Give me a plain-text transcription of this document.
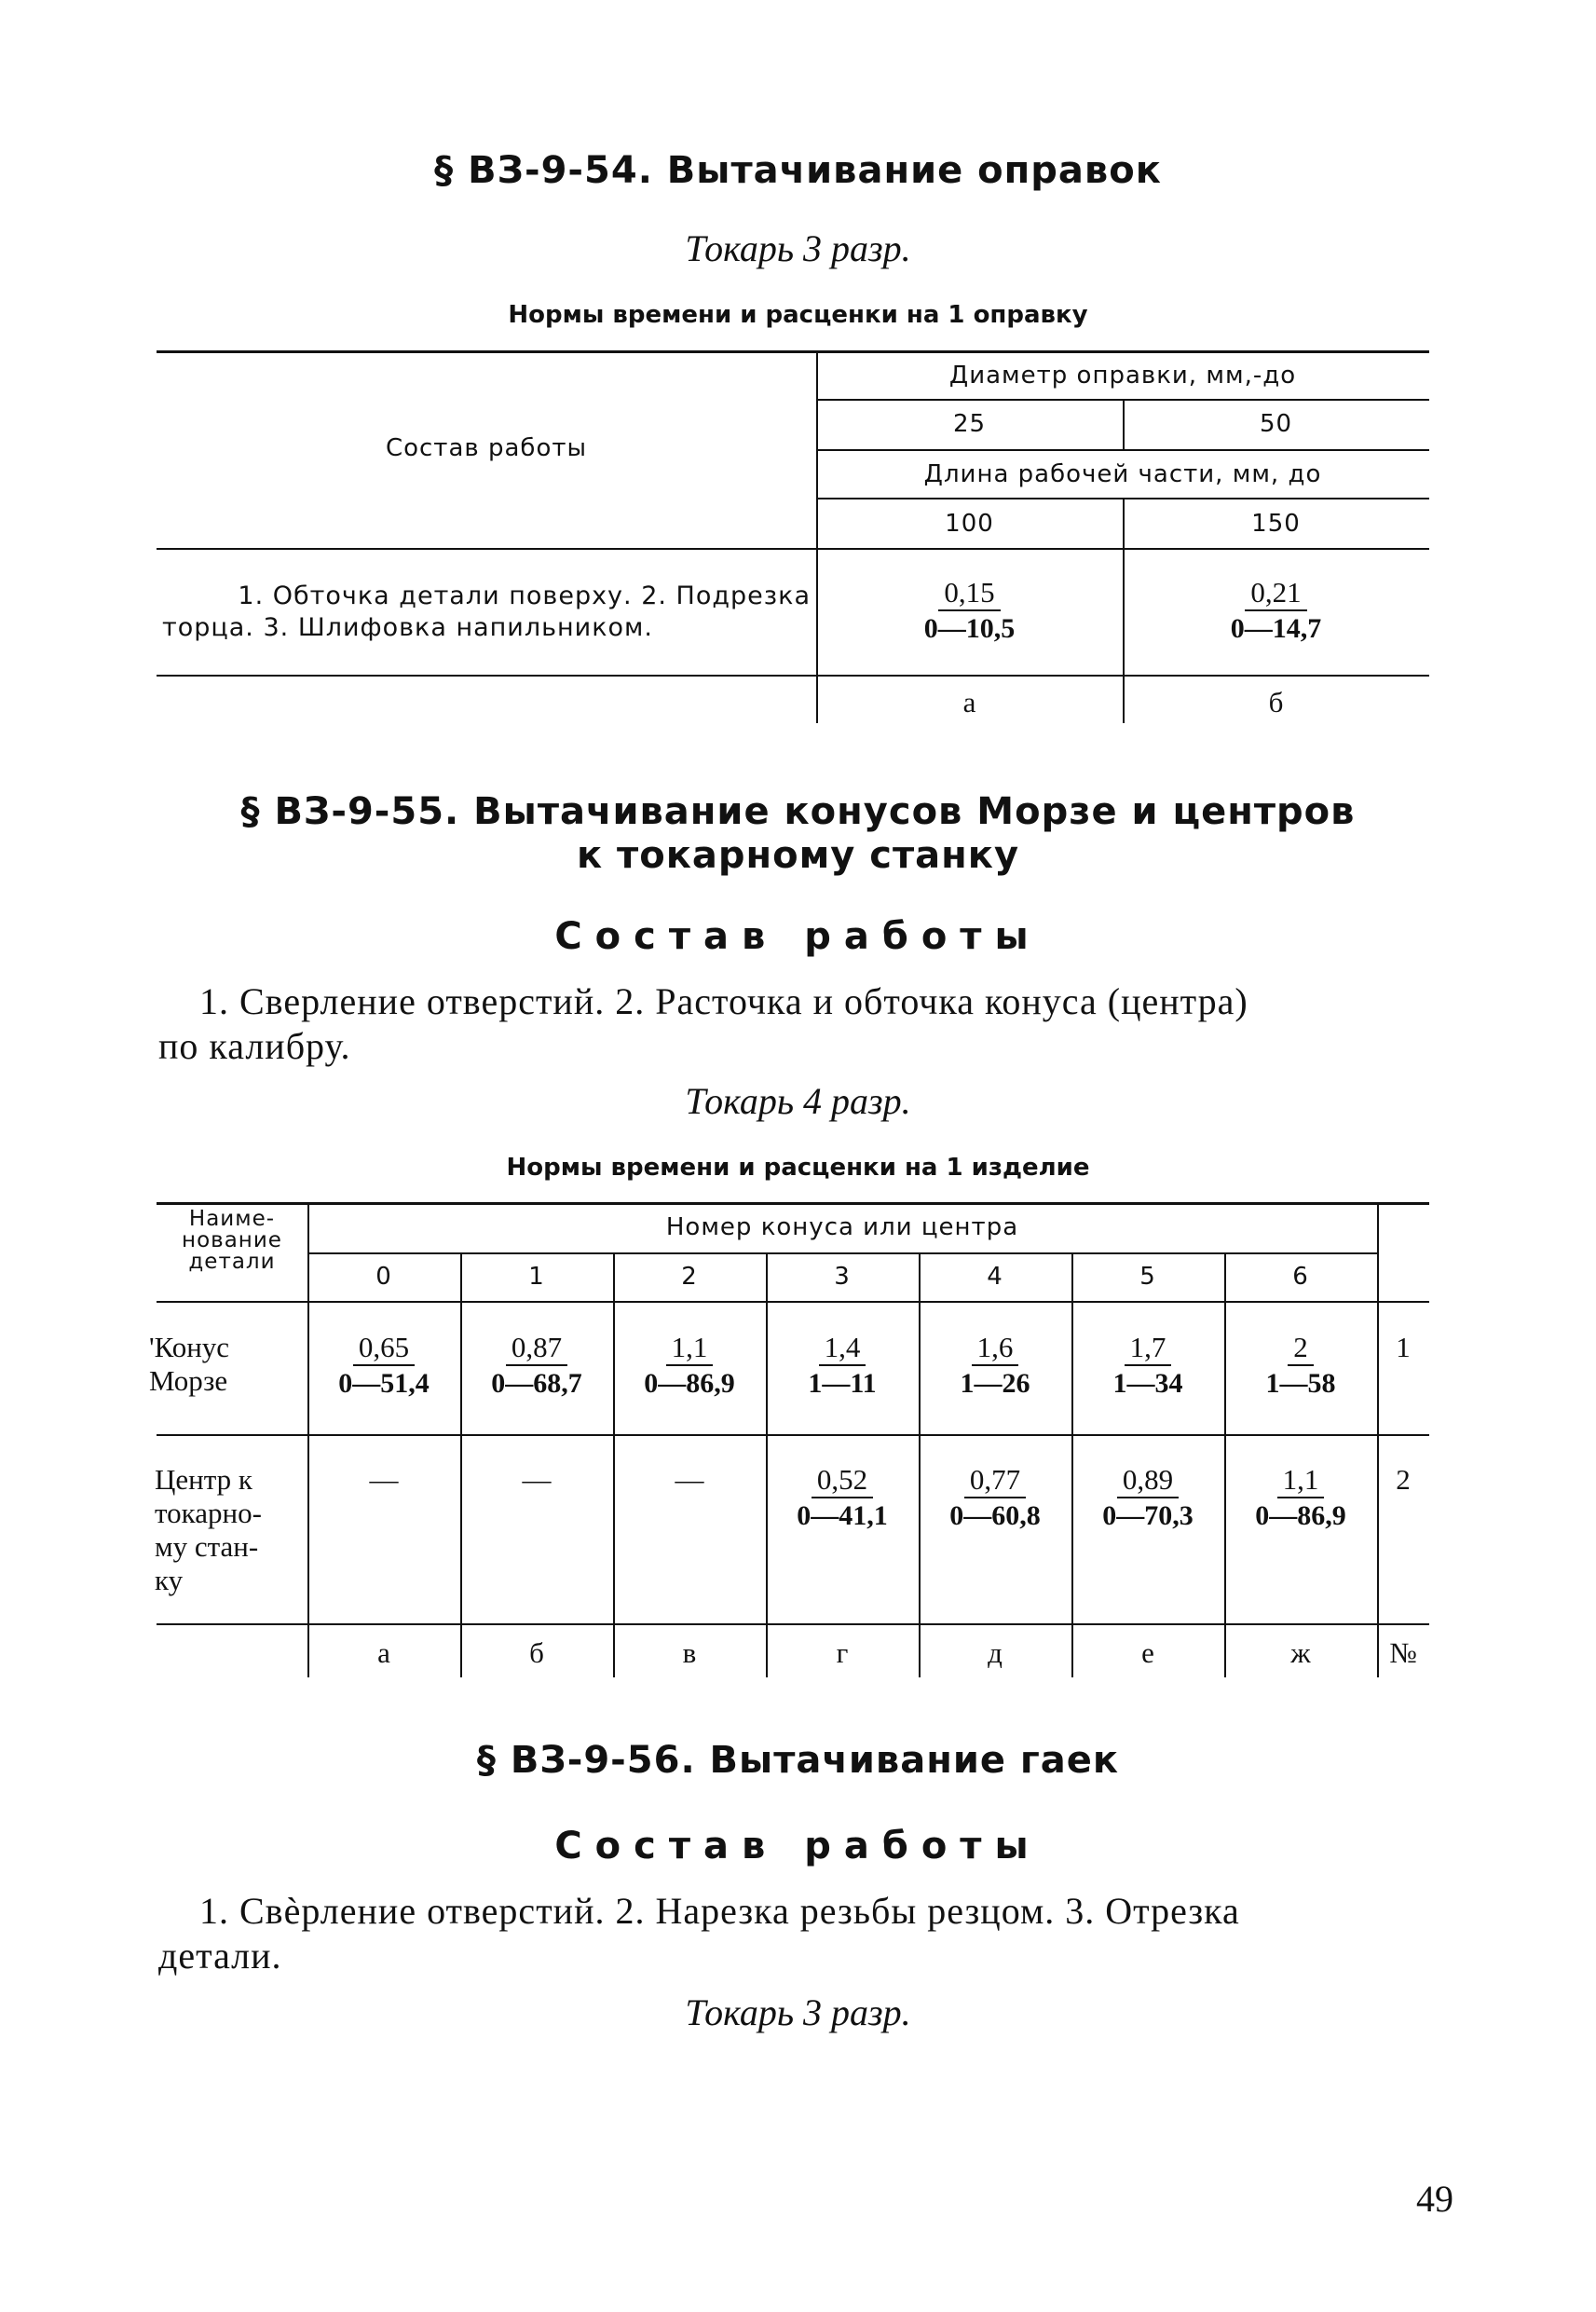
§ ВЗ-9-54. Вытачивание оправок
Токарь 3 разр.
Нормы времени и расценки на 1 оправку
Состав работы
Диаметр оправки, мм,-до
25	50
Длина рабочей части, мм, до
100	150
1. Обточка детали поверху. 2. Подрезка
торца. 3. Шлифовка напильником.	$\frac{0,15}{0—10,5} \frac{0,21}{0—14,7}$
а	б
§ ВЗ-9-55. Вытачивание конусов Морзе и центров
к токарному станку
Состав работы
1. Сверление отверстий. 2. Расточка и обточка конуса (центра)
по калибру.
Токарь 4 разр.
Нормы времени и расценки на 1 изделие
Наиме-
нование
детали
Номер конуса или центра
0	1	2	3	4	5	6
'Конус
Морзе	$\frac{0,65}{0—51,4} \frac{0,87}{0—68,7} \frac{1,1}{0—86,9} \frac{1,4}{1—11} \frac{1,6}{1—26} \frac{1,7}{1—34} \frac{2}{1—58} 1$
Центр к
токарно-
му стан-
ку
—	—	—	$\frac{0,52}{0—41,1} \frac{0,77}{0—60,8} \frac{0,89}{0—70,3} \frac{1,1}{0—86,9} 2$
а	б	в	г	д	е	ж	№
§ ВЗ-9-56. Вытачивание гаек
Состав работы
1. Свѐрление отверстий. 2. Нарезка резьбы резцом. 3. Отрезка
детали.
Токарь 3 разр.
49
